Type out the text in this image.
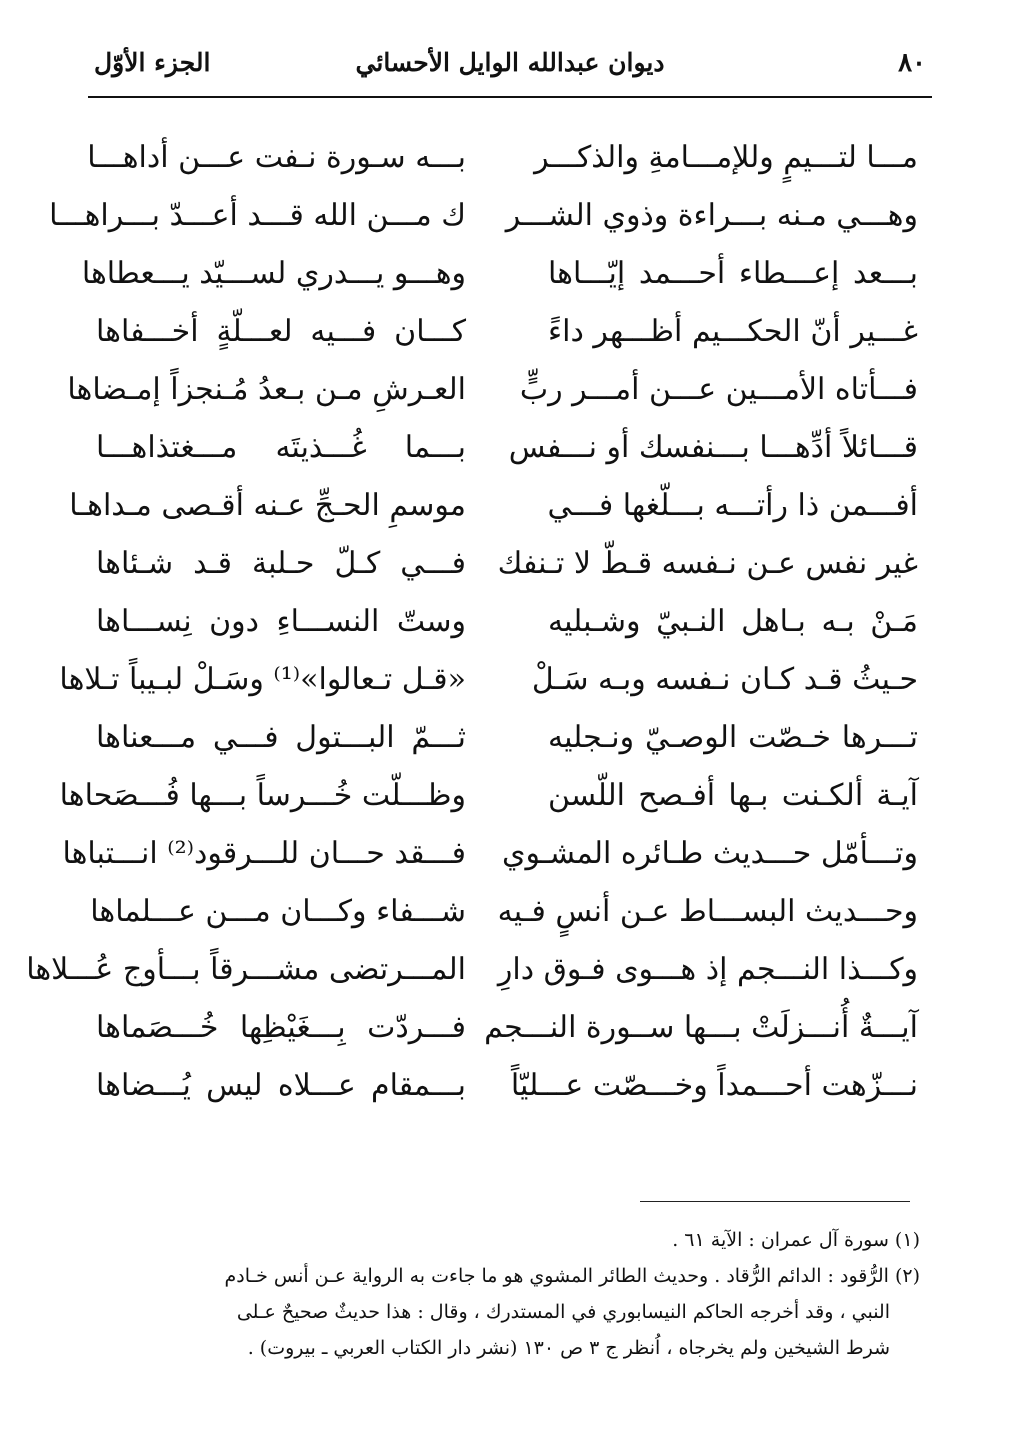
٨٠
ديوان عبدالله الوايل الأحسائي
الجزء الأوّل
مـــا لتـــيمٍ وللإمـــامةِ والذكـــر
بـــه سـورة نـفت عـــن أداهـــا
وهـــي مـنه بـــراءة وذوي الشـــر
ك مـــن الله قـــد أعـــدّ بـــراهـــا
بـــعد إعـــطاء أحـــمد إيّـــاها
وهـــو يـــدري لســـيّد يـــعطاها
غـــير أنّ الحكـــيم أظـــهر داءً
كـــان فـــيه لعـــلّةٍ أخـــفاها
فـــأتاه الأمـــين عـــن أمـــر ربٍّ
العـرشِ مـن بـعدُ مُـنجزاً إمـضاها
قـــائلاً أدِّهـــا بـــنفسك أو نـــفس
بـــما غُـــذيتَه مـــغتذاهـــا
أفـــمن ذا رأتـــه بـــلّغها فـــي
موسمِ الحـجِّ عـنه أقـصى مـداهـا
غير نفس عـن نـفسه قـطّ لا تـنفك
فـــي كـلّ حـلبة قـد شـئاها
مَـنْ بـه بـاهل النـبيّ وشـبليه
وستّ النســـاءِ دون نِســـاها
حـيثُ قـد كـان نـفسه وبـه سَـلْ
«قـل تـعالوا»⁽¹⁾ وسَـلْ لبـيباً تـلاها
تـــرها خـصّت الوصـيّ ونـجليه
ثـــمّ البـــتول فـــي مـــعناها
آيـة ألكـنت بـها أفـصح اللّسن
وظـــلّت خُـــرساً بـــها فُـــصَحاها
وتـــأمّل حـــديث طـائره المشـوي
فـــقد حـــان للـــرقود⁽²⁾ انـــتباها
وحـــديث البســـاط عـن أنسٍ فـيه
شـــفاء وكـــان مـــن عـــلماها
وكـــذا النـــجم إذ هـــوى فـوق دارِ
المـــرتضى مشـــرقاً بـــأوج عُـــلاها
آيـــةٌ أُنـــزلَتْ بـــها ســورة النـــجم
فـــردّت بِـــغَيْظِها خُـــصَماها
نـــزّهت أحـــمداً وخـــصّت عـــليّاً
بـــمقام عـــلاه ليس يُـــضاها

(١) سورة آل عمران : الآية ٦١ .

(٢) الرُّقود : الدائم الرُّقاد . وحديث الطائر المشوي هو ما جاءت به الرواية عـن أنس خـادم
النبي ، وقد أخرجه الحاكم النيسابوري في المستدرك ، وقال : هذا حديثٌ صحيحٌ عـلى
شرط الشيخين ولم يخرجاه ، اُنظر ج ٣ ص ١٣٠ (نشر دار الكتاب العربي ـ بيروت) .
